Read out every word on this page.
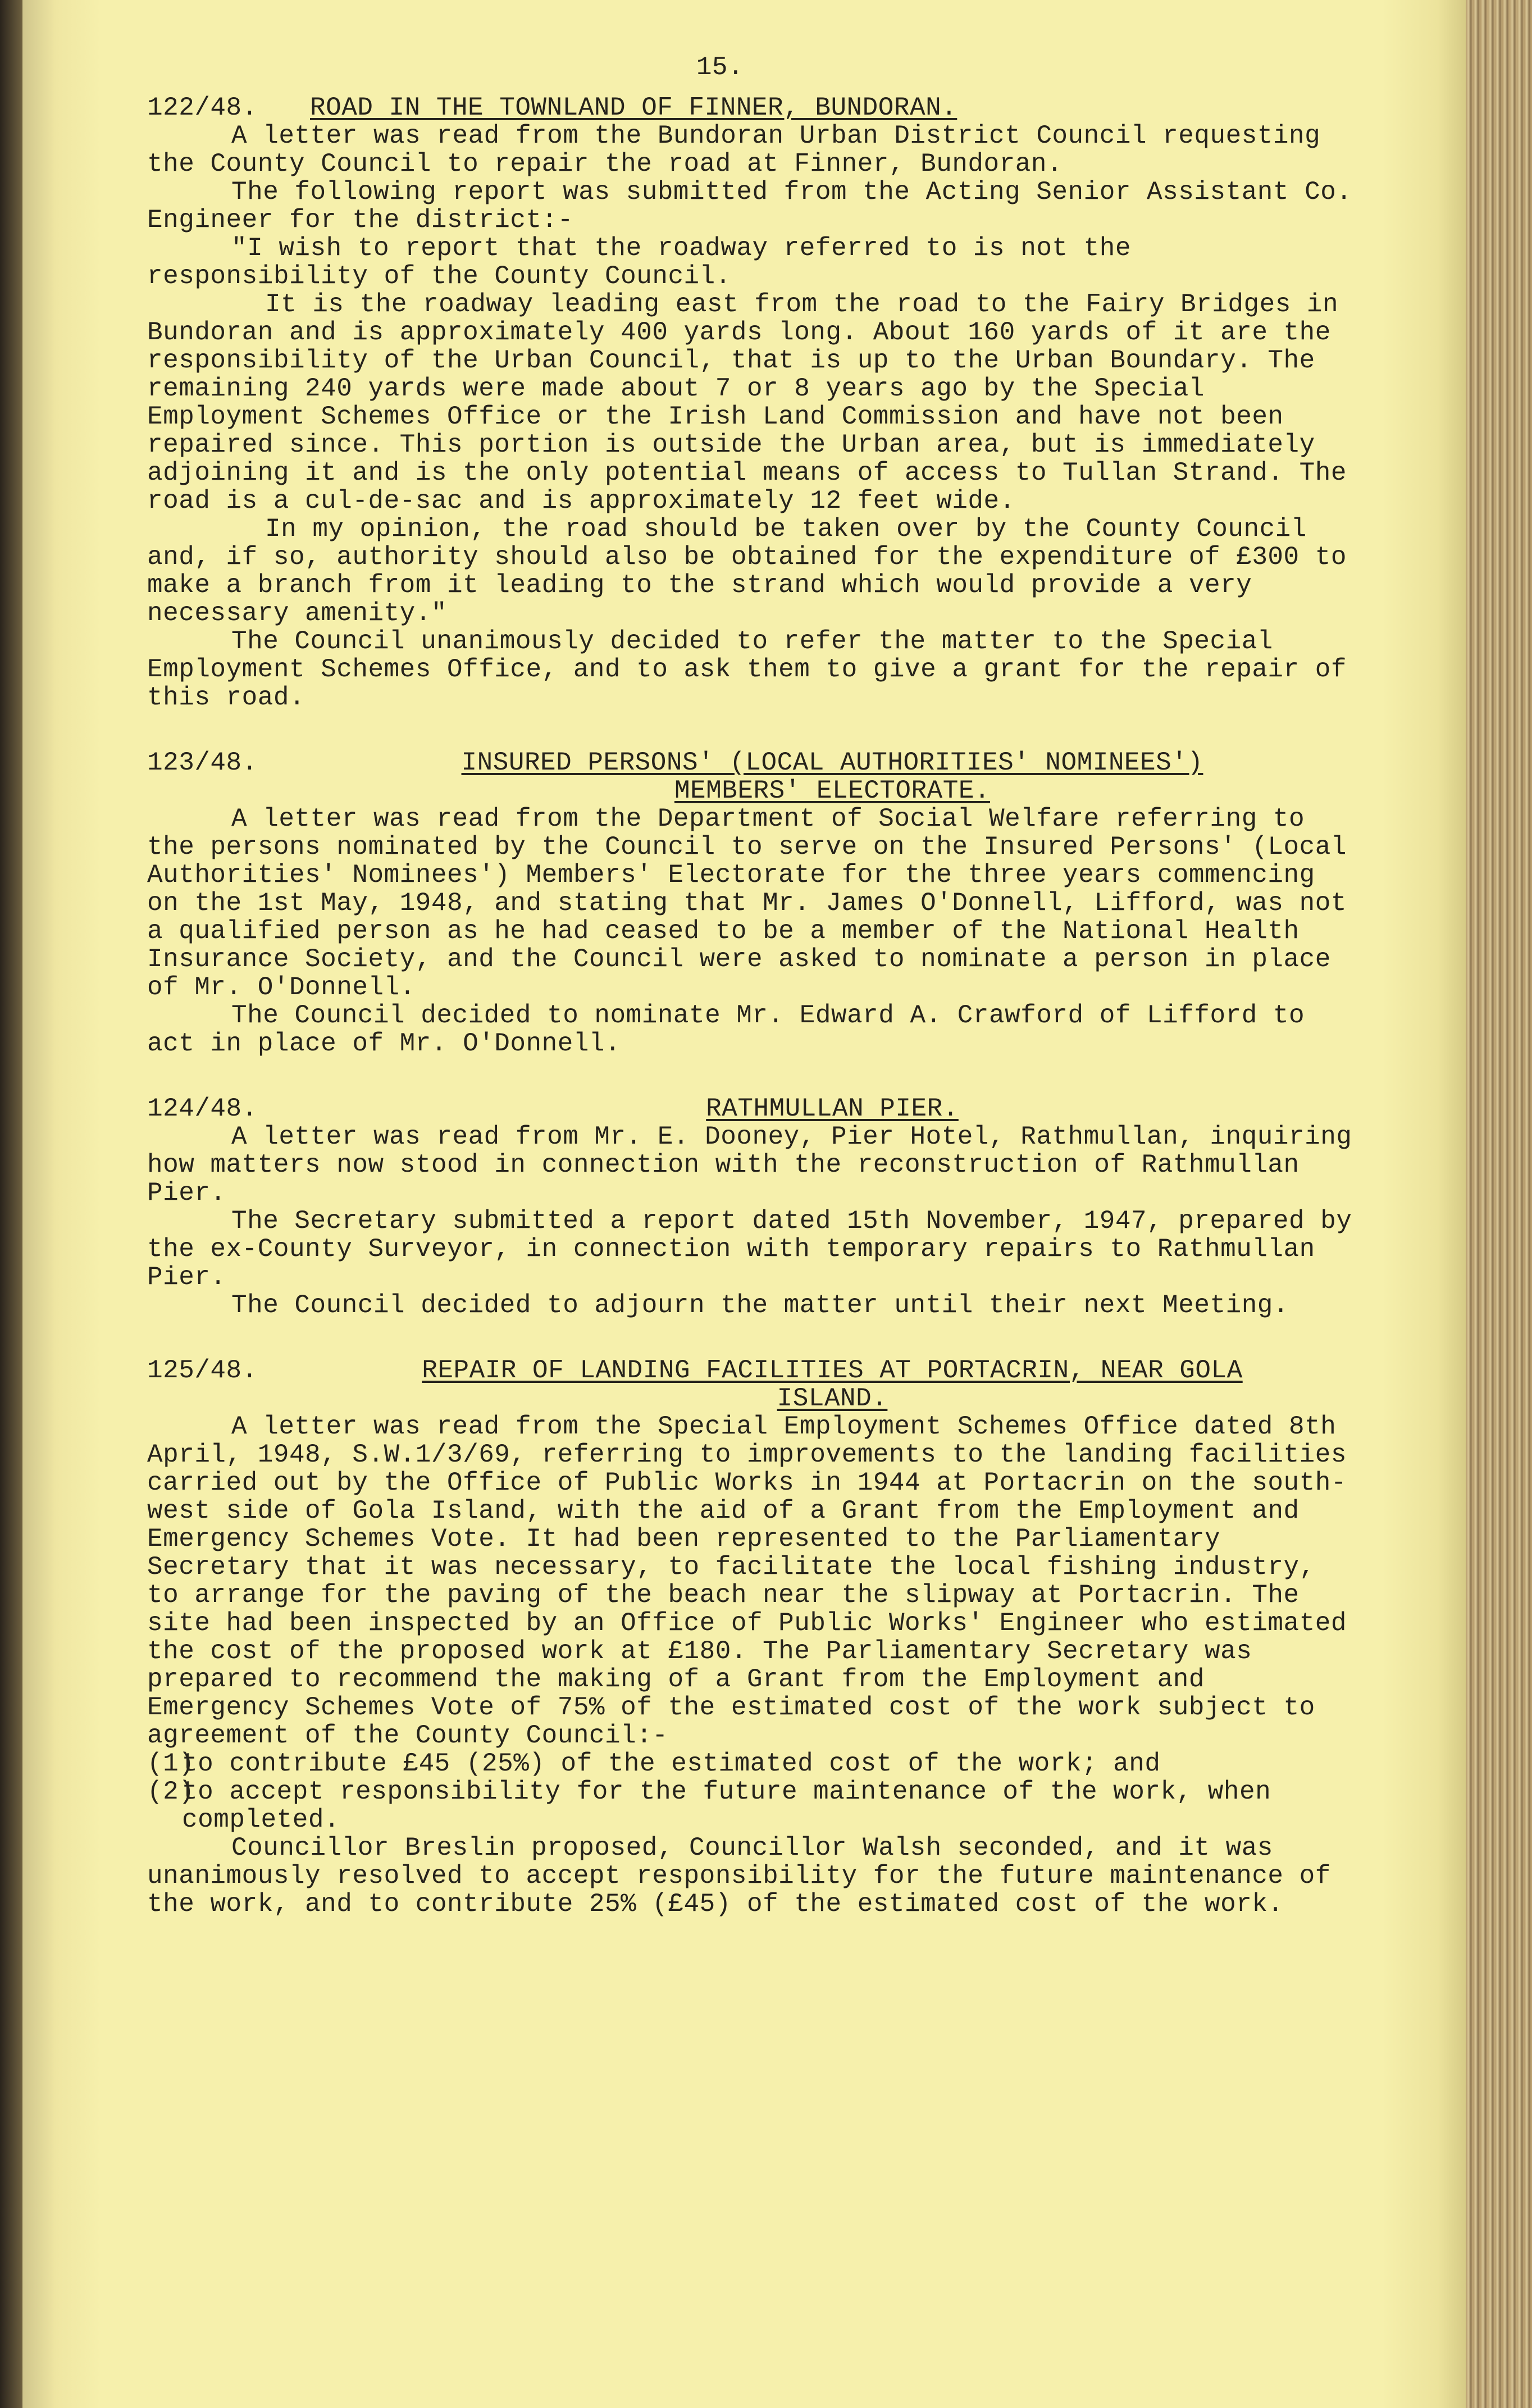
15.
122/48.	ROAD IN THE TOWNLAND OF FINNER, BUNDORAN.

A letter was read from the Bundoran Urban District Council requesting the County Council to repair the road at Finner, Bundoran.

The following report was submitted from the Acting Senior Assistant Co. Engineer for the district:-

"I wish to report that the roadway referred to is not the responsibility of the County Council.

It is the roadway leading east from the road to the Fairy Bridges in Bundoran and is approximately 400 yards long. About 160 yards of it are the responsibility of the Urban Council, that is up to the Urban Boundary. The remaining 240 yards were made about 7 or 8 years ago by the Special Employment Schemes Office or the Irish Land Commission and have not been repaired since. This portion is outside the Urban area, but is immediately adjoining it and is the only potential means of access to Tullan Strand. The road is a cul-de-sac and is approximately 12 feet wide.

In my opinion, the road should be taken over by the County Council and, if so, authority should also be obtained for the expenditure of £300 to make a branch from it leading to the strand which would provide a very necessary amenity."

The Council unanimously decided to refer the matter to the Special Employment Schemes Office, and to ask them to give a grant for the repair of this road.

123/48.	INSURED PERSONS' (LOCAL AUTHORITIES' NOMINEES')
MEMBERS' ELECTORATE.

A letter was read from the Department of Social Welfare referring to the persons nominated by the Council to serve on the Insured Persons' (Local Authorities' Nominees') Members' Electorate for the three years commencing on the 1st May, 1948, and stating that Mr. James O'Donnell, Lifford, was not a qualified person as he had ceased to be a member of the National Health Insurance Society, and the Council were asked to nominate a person in place of Mr. O'Donnell.

The Council decided to nominate Mr. Edward A. Crawford of Lifford to act in place of Mr. O'Donnell.

124/48.	RATHMULLAN PIER.

A letter was read from Mr. E. Dooney, Pier Hotel, Rathmullan, inquiring how matters now stood in connection with the reconstruction of Rathmullan Pier.

The Secretary submitted a report dated 15th November, 1947, prepared by the ex-County Surveyor, in connection with temporary repairs to Rathmullan Pier.

The Council decided to adjourn the matter until their next Meeting.

125/48.	REPAIR OF LANDING FACILITIES AT PORTACRIN, NEAR GOLA
ISLAND.

A letter was read from the Special Employment Schemes Office dated 8th April, 1948, S.W.1/3/69, referring to improvements to the landing facilities carried out by the Office of Public Works in 1944 at Portacrin on the south-west side of Gola Island, with the aid of a Grant from the Employment and Emergency Schemes Vote. It had been represented to the Parliamentary Secretary that it was necessary, to facilitate the local fishing industry, to arrange for the paving of the beach near the slipway at Portacrin. The site had been inspected by an Office of Public Works' Engineer who estimated the cost of the proposed work at £180. The Parliamentary Secretary was prepared to recommend the making of a Grant from the Employment and Emergency Schemes Vote of 75% of the estimated cost of the work subject to agreement of the County Council:-

(1)
to contribute £45 (25%) of the estimated cost of the work; and
(2)
to accept responsibility for the future maintenance of the work, when completed.

Councillor Breslin proposed, Councillor Walsh seconded, and it was unanimously resolved to accept responsibility for the future maintenance of the work, and to contribute 25% (£45) of the estimated cost of the work.
